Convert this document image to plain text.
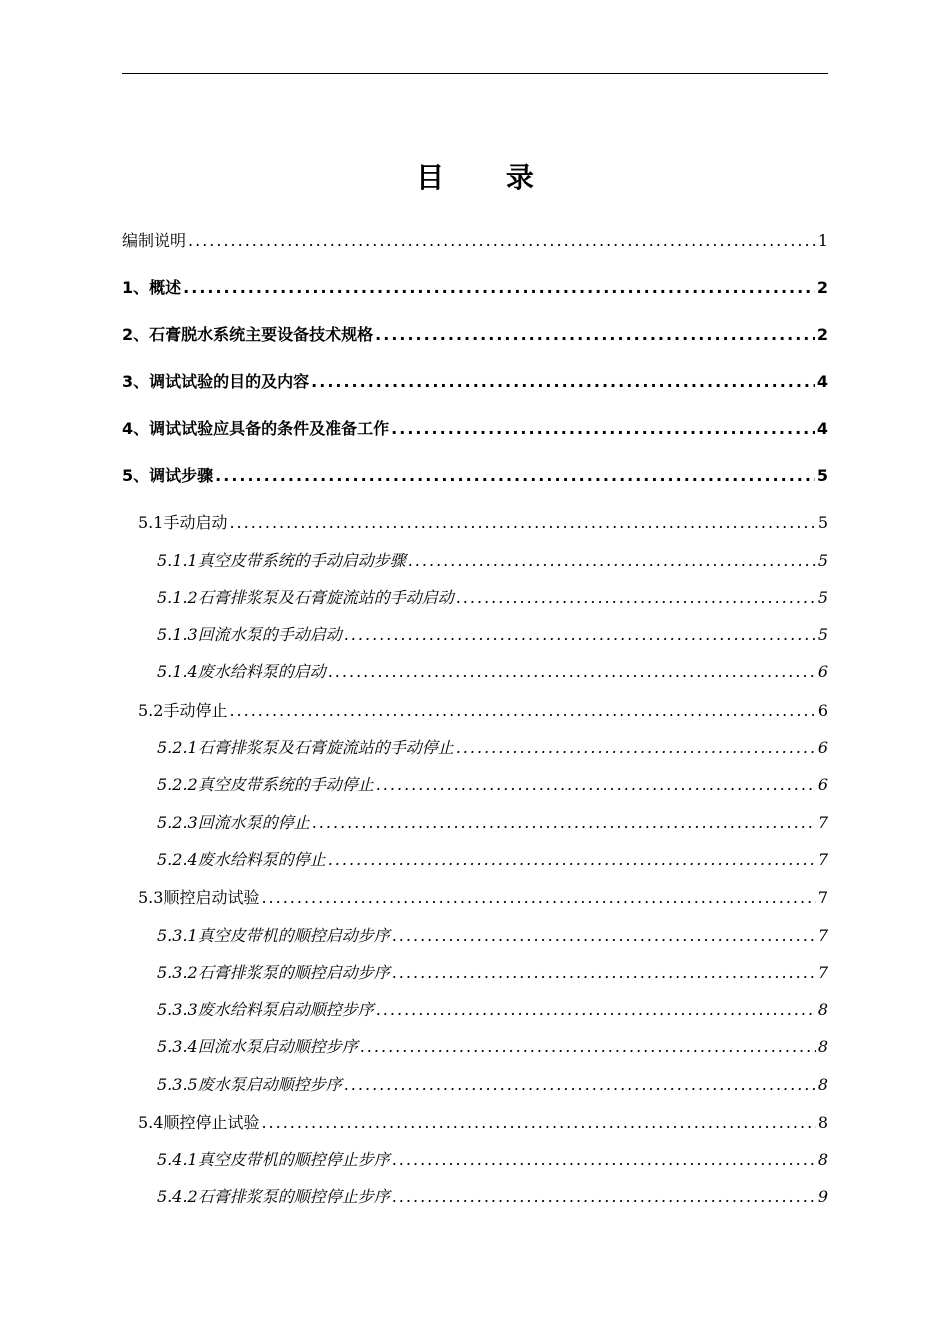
目 录
编制说明 .....	1
1、 概述 .....	2
2、 石膏脱水系统主要设备技术规格 .....	2
3、 调试试验的目的及内容 .....	4
4、 调试试验应具备的条件及准备工作 .....	4
5、 调试步骤 .....	5
5.1手动启动 .....	5
5.1.1真空皮带系统的手动启动步骤 .....	5
5.1.2石膏排浆泵及石膏旋流站的手动启动 .....	5
5.1.3回流水泵的手动启动 .....	5
5.1.4废水给料泵的启动 .....	6
5.2手动停止 .....	6
5.2.1石膏排浆泵及石膏旋流站的手动停止 .....	6
5.2.2真空皮带系统的手动停止 .....	6
5.2.3回流水泵的停止 .....	7
5.2.4废水给料泵的停止 .....	7
5.3顺控启动试验 .....	7
5.3.1真空皮带机的顺控启动步序 .....	7
5.3.2石膏排浆泵的顺控启动步序 .....	7
5.3.3废水给料泵启动顺控步序 .....	8
5.3.4回流水泵启动顺控步序 .....	8
5.3.5废水泵启动顺控步序 .....	8
5.4顺控停止试验 .....	8
5.4.1真空皮带机的顺控停止步序 .....	8
5.4.2石膏排浆泵的顺控停止步序 .....	9
